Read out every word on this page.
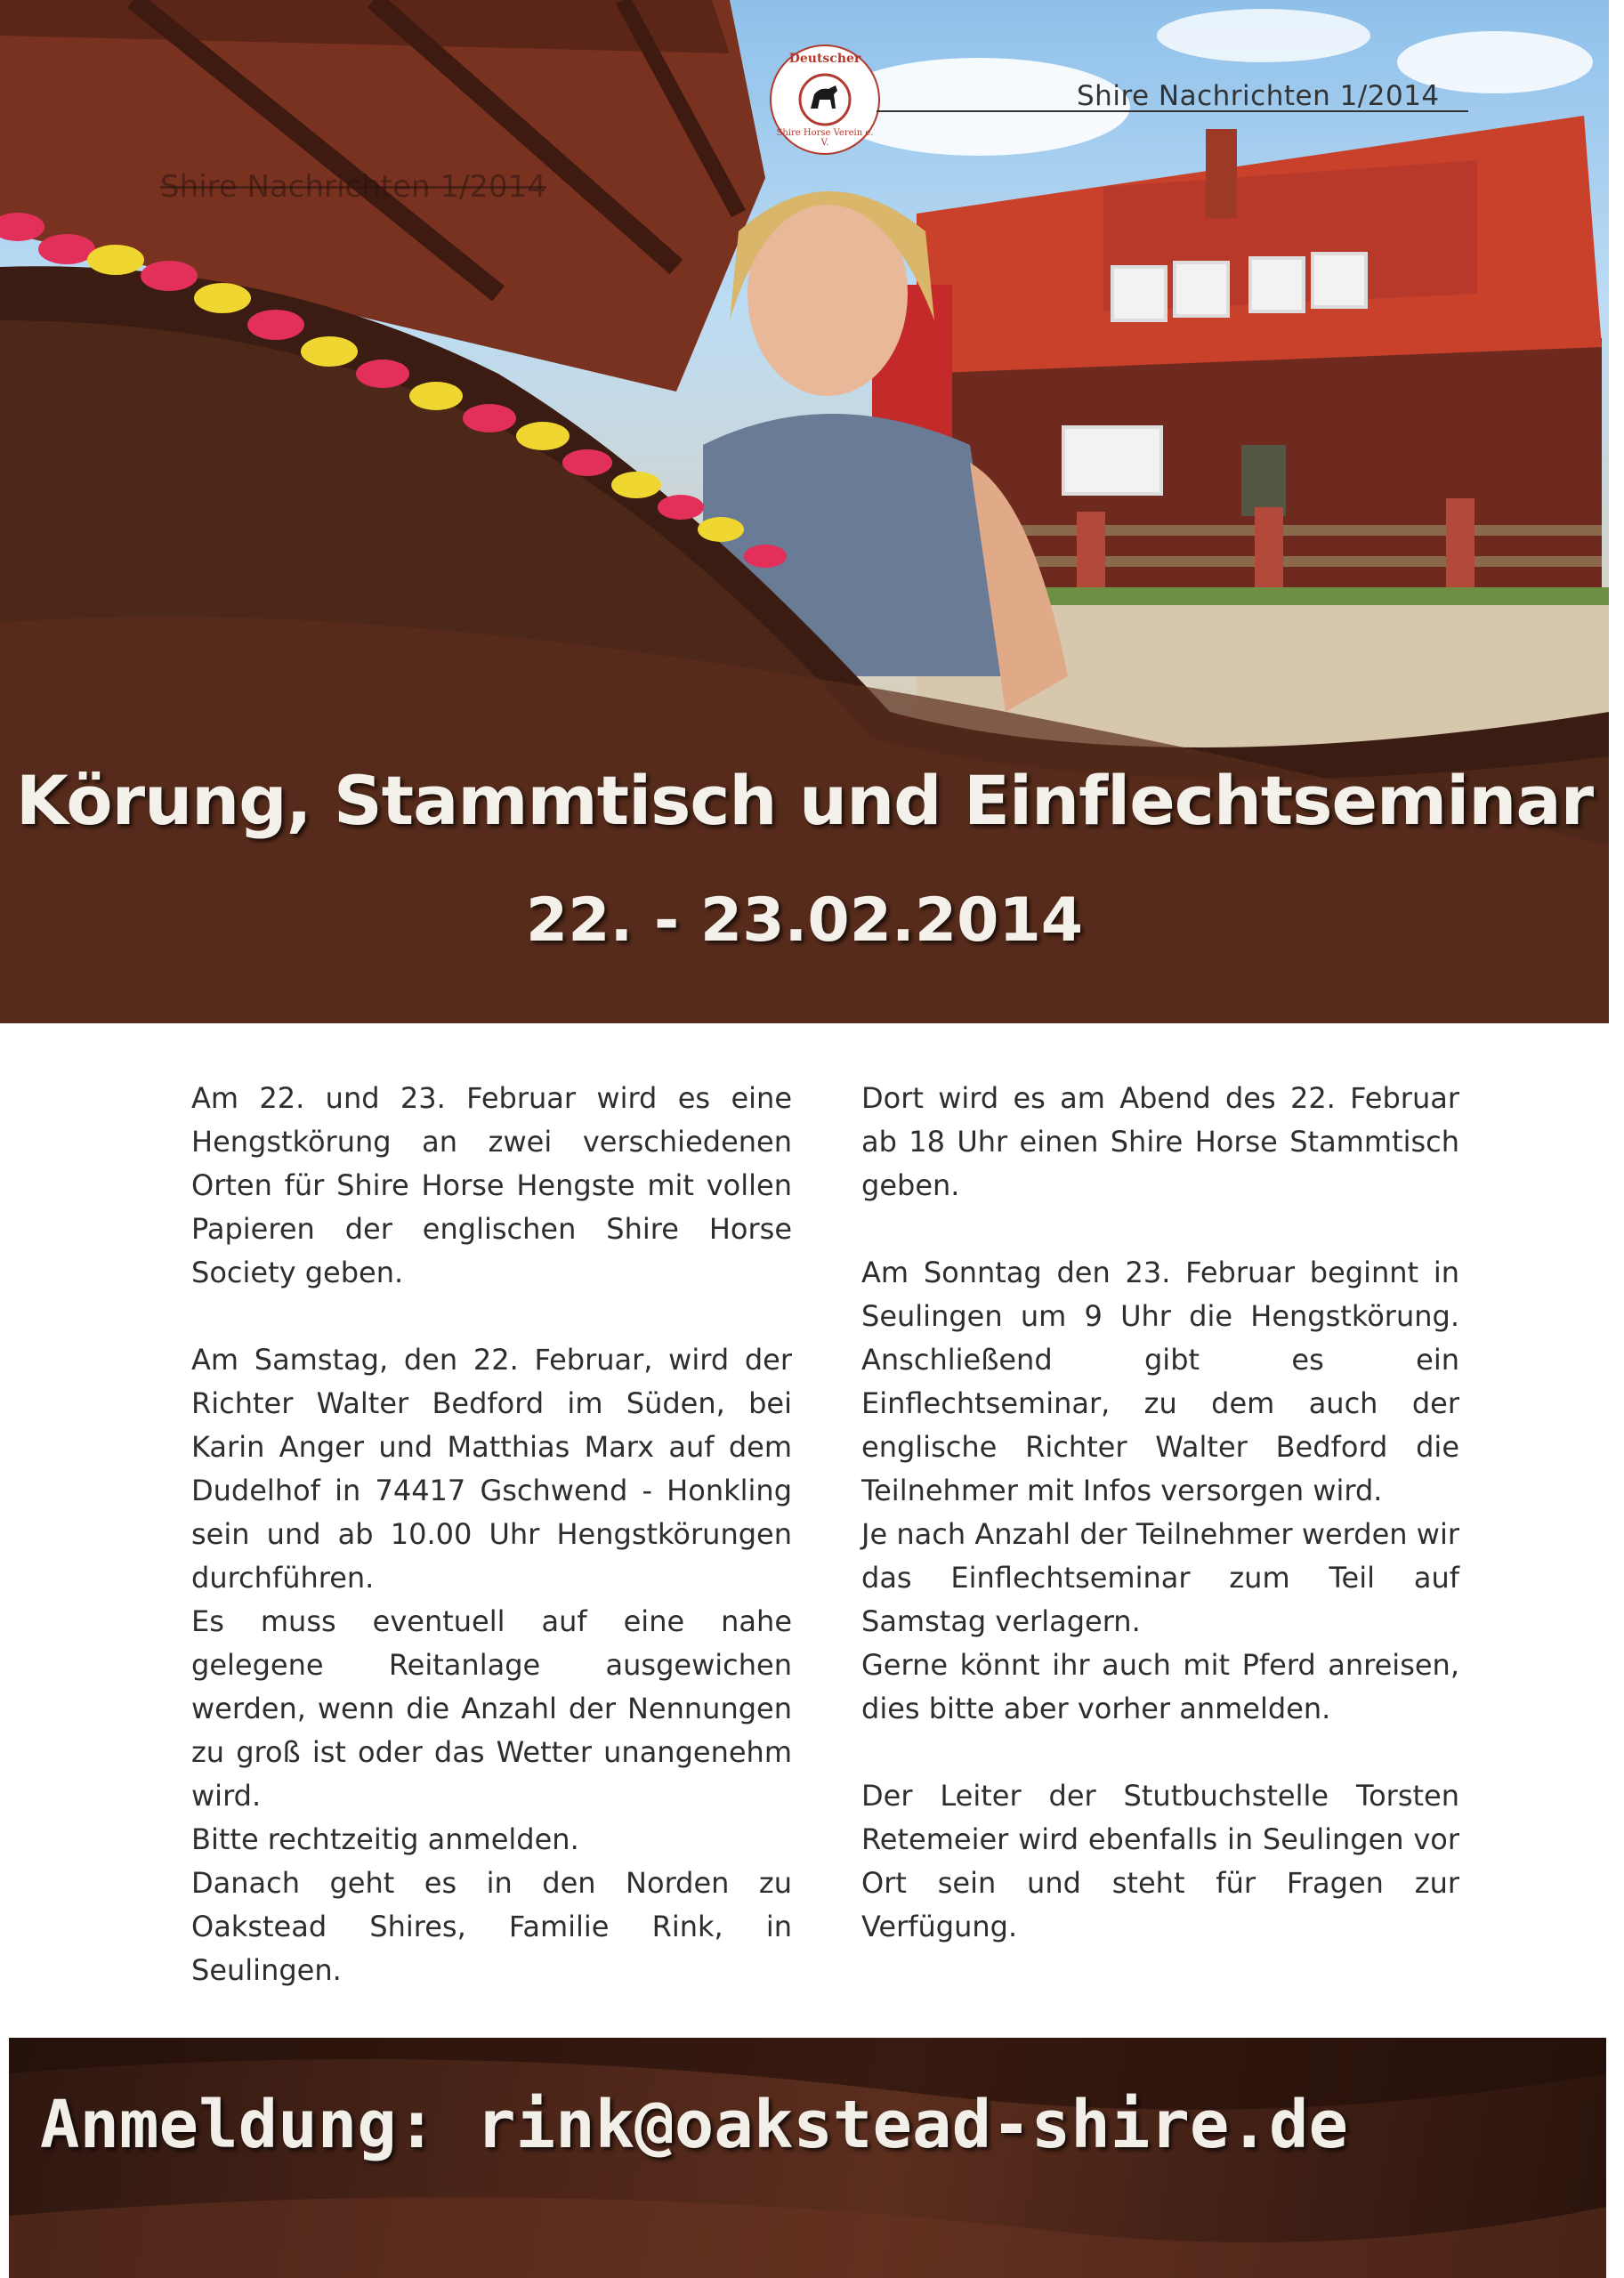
Shire Nachrichten 1/2014
Deutscher
Shire Horse Verein e. V.
Shire Nachrichten 1/2014
Körung, Stammtisch und Einflechtseminar
22. - 23.02.2014

Am 22. und 23. Februar wird es eine Hengstkörung an zwei verschiedenen Orten für Shire Horse Hengste mit vollen Papieren der englischen Shire Horse Society geben.

Am Samstag, den 22. Februar, wird der Richter Walter Bedford im Süden, bei Karin Anger und Matthias Marx auf dem Dudelhof in 74417 Gschwend - Honkling sein und ab 10.00 Uhr Hengstkörungen durchführen.

Es muss eventuell auf eine nahe gelegene Reitanlage ausgewichen werden, wenn die Anzahl der Nennungen zu groß ist oder das Wetter unangenehm wird.

Bitte rechtzeitig anmelden.

Danach geht es in den Norden zu Oakstead Shires, Familie Rink, in Seulingen.

Dort wird es am Abend des 22. Februar ab 18 Uhr einen Shire Horse Stammtisch geben.

Am Sonntag den 23. Februar beginnt in Seulingen um 9 Uhr die Hengstkörung. Anschließend gibt es ein Einflechtseminar, zu dem auch der englische Richter Walter Bedford die Teilnehmer mit Infos versorgen wird.

Je nach Anzahl der Teilnehmer werden wir das Einflechtseminar zum Teil auf Samstag verlagern.

Gerne könnt ihr auch mit Pferd anreisen, dies bitte aber vorher anmelden.

Der Leiter der Stutbuchstelle Torsten Retemeier wird ebenfalls in Seulingen vor Ort sein und steht für Fragen zur Verfügung.

Anmeldung: rink@oakstead-shire.de
